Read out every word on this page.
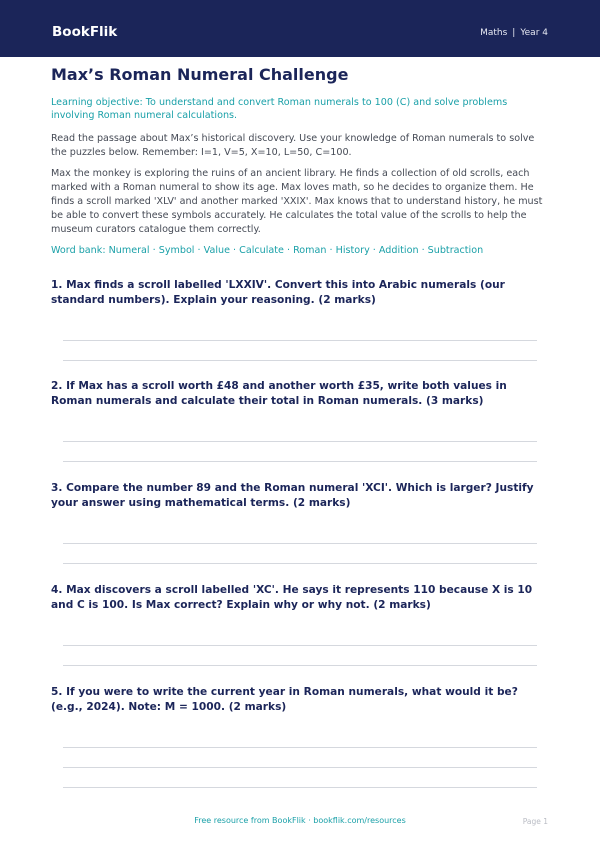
BookFlik	Maths | Year 4
Max’s Roman Numeral Challenge
Learning objective: To understand and convert Roman numerals to 100 (C) and solve problems involving Roman numeral calculations.
Read the passage about Max’s historical discovery. Use your knowledge of Roman numerals to solve the puzzles below. Remember: I=1, V=5, X=10, L=50, C=100.
Max the monkey is exploring the ruins of an ancient library. He finds a collection of old scrolls, each marked with a Roman numeral to show its age. Max loves math, so he decides to organize them. He finds a scroll marked 'XLV' and another marked 'XXIX'. Max knows that to understand history, he must be able to convert these symbols accurately. He calculates the total value of the scrolls to help the museum curators catalogue them correctly.
Word bank: Numeral · Symbol · Value · Calculate · Roman · History · Addition · Subtraction
1. Max finds a scroll labelled 'LXXIV'. Convert this into Arabic numerals (our standard numbers). Explain your reasoning. (2 marks)
2. If Max has a scroll worth £48 and another worth £35, write both values in Roman numerals and calculate their total in Roman numerals. (3 marks)
3. Compare the number 89 and the Roman numeral 'XCI'. Which is larger? Justify your answer using mathematical terms. (2 marks)
4. Max discovers a scroll labelled 'XC'. He says it represents 110 because X is 10 and C is 100. Is Max correct? Explain why or why not. (2 marks)
5. If you were to write the current year in Roman numerals, what would it be? (e.g., 2024). Note: M = 1000. (2 marks)
Free resource from BookFlik · bookflik.com/resources	Page 1
